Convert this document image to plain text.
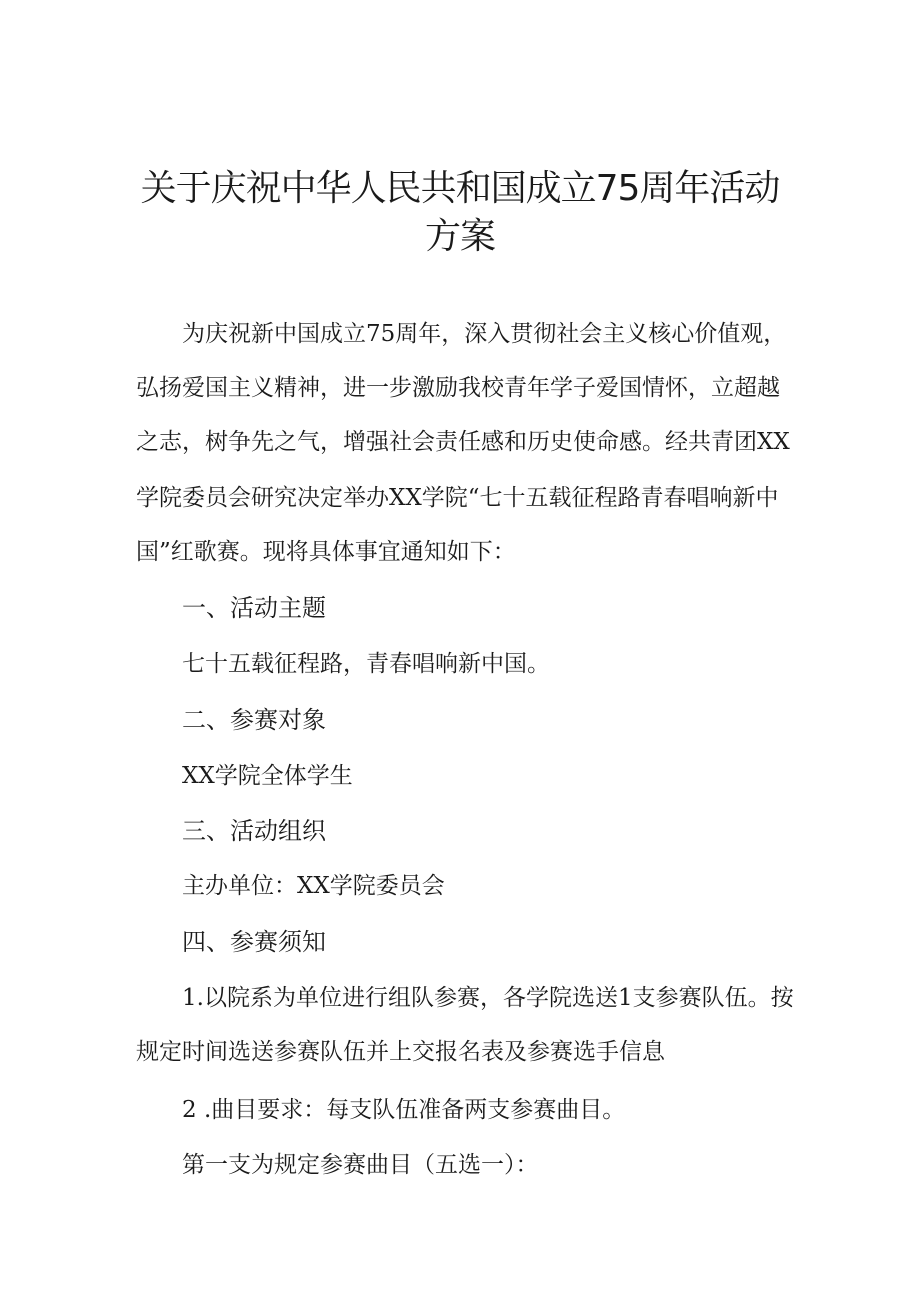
关于庆祝中华人民共和国成立75周年活动
方案

为庆祝新中国成立75周年，深入贯彻社会主义核心价值观，

弘扬爱国主义精神，进一步激励我校青年学子爱国情怀，立超越

之志，树争先之气，增强社会责任感和历史使命感。经共青团XX

学院委员会研究决定举办XX学院“七十五载征程路青春唱响新中

国”红歌赛。现将具体事宜通知如下：

一、活动主题

七十五载征程路，青春唱响新中国。

二、参赛对象

XX学院全体学生

三、活动组织

主办单位：XX学院委员会

四、参赛须知

1.以院系为单位进行组队参赛，各学院选送1支参赛队伍。按

规定时间选送参赛队伍并上交报名表及参赛选手信息

2 .曲目要求：每支队伍准备两支参赛曲目。

第一支为规定参赛曲目（五选一）：
